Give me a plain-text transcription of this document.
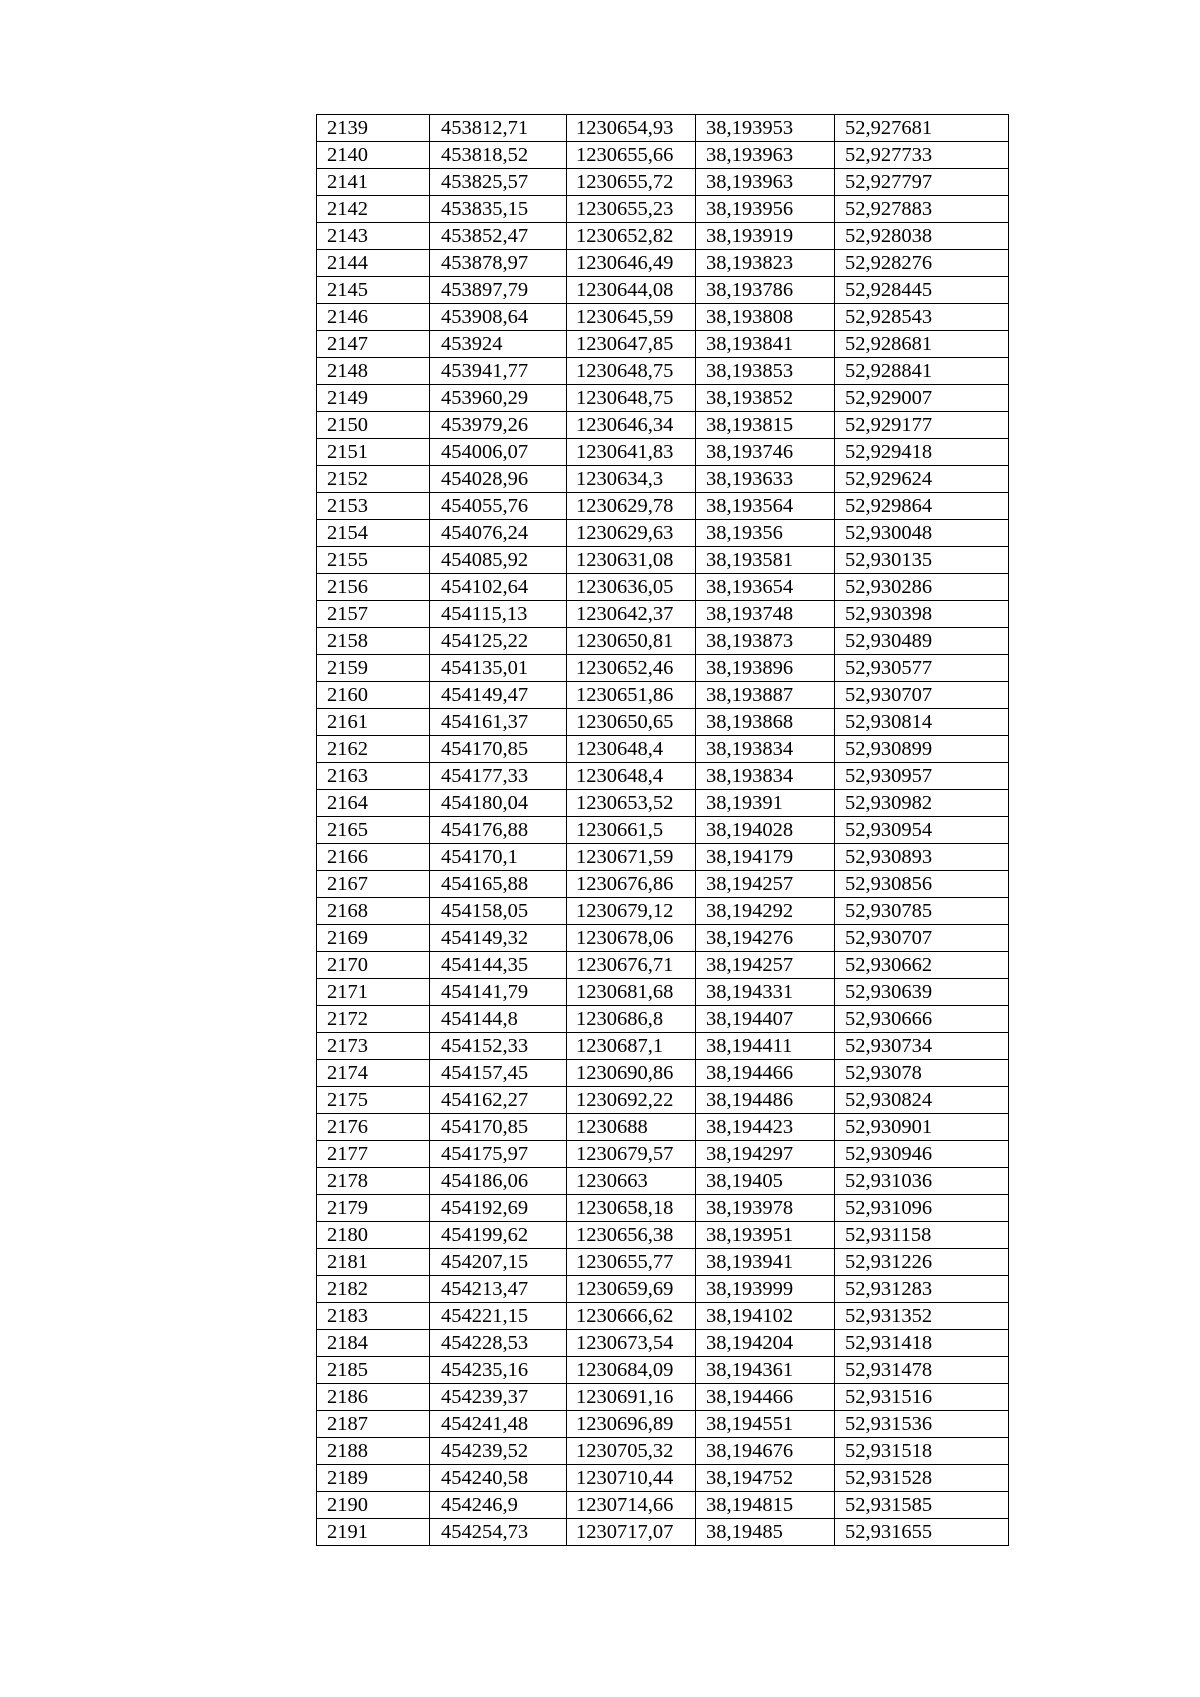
2139	453812,71	1230654,93	38,193953	52,927681
2140	453818,52	1230655,66	38,193963	52,927733
2141	453825,57	1230655,72	38,193963	52,927797
2142	453835,15	1230655,23	38,193956	52,927883
2143	453852,47	1230652,82	38,193919	52,928038
2144	453878,97	1230646,49	38,193823	52,928276
2145	453897,79	1230644,08	38,193786	52,928445
2146	453908,64	1230645,59	38,193808	52,928543
2147	453924	1230647,85	38,193841	52,928681
2148	453941,77	1230648,75	38,193853	52,928841
2149	453960,29	1230648,75	38,193852	52,929007
2150	453979,26	1230646,34	38,193815	52,929177
2151	454006,07	1230641,83	38,193746	52,929418
2152	454028,96	1230634,3	38,193633	52,929624
2153	454055,76	1230629,78	38,193564	52,929864
2154	454076,24	1230629,63	38,19356	52,930048
2155	454085,92	1230631,08	38,193581	52,930135
2156	454102,64	1230636,05	38,193654	52,930286
2157	454115,13	1230642,37	38,193748	52,930398
2158	454125,22	1230650,81	38,193873	52,930489
2159	454135,01	1230652,46	38,193896	52,930577
2160	454149,47	1230651,86	38,193887	52,930707
2161	454161,37	1230650,65	38,193868	52,930814
2162	454170,85	1230648,4	38,193834	52,930899
2163	454177,33	1230648,4	38,193834	52,930957
2164	454180,04	1230653,52	38,19391	52,930982
2165	454176,88	1230661,5	38,194028	52,930954
2166	454170,1	1230671,59	38,194179	52,930893
2167	454165,88	1230676,86	38,194257	52,930856
2168	454158,05	1230679,12	38,194292	52,930785
2169	454149,32	1230678,06	38,194276	52,930707
2170	454144,35	1230676,71	38,194257	52,930662
2171	454141,79	1230681,68	38,194331	52,930639
2172	454144,8	1230686,8	38,194407	52,930666
2173	454152,33	1230687,1	38,194411	52,930734
2174	454157,45	1230690,86	38,194466	52,93078
2175	454162,27	1230692,22	38,194486	52,930824
2176	454170,85	1230688	38,194423	52,930901
2177	454175,97	1230679,57	38,194297	52,930946
2178	454186,06	1230663	38,19405	52,931036
2179	454192,69	1230658,18	38,193978	52,931096
2180	454199,62	1230656,38	38,193951	52,931158
2181	454207,15	1230655,77	38,193941	52,931226
2182	454213,47	1230659,69	38,193999	52,931283
2183	454221,15	1230666,62	38,194102	52,931352
2184	454228,53	1230673,54	38,194204	52,931418
2185	454235,16	1230684,09	38,194361	52,931478
2186	454239,37	1230691,16	38,194466	52,931516
2187	454241,48	1230696,89	38,194551	52,931536
2188	454239,52	1230705,32	38,194676	52,931518
2189	454240,58	1230710,44	38,194752	52,931528
2190	454246,9	1230714,66	38,194815	52,931585
2191	454254,73	1230717,07	38,19485	52,931655
